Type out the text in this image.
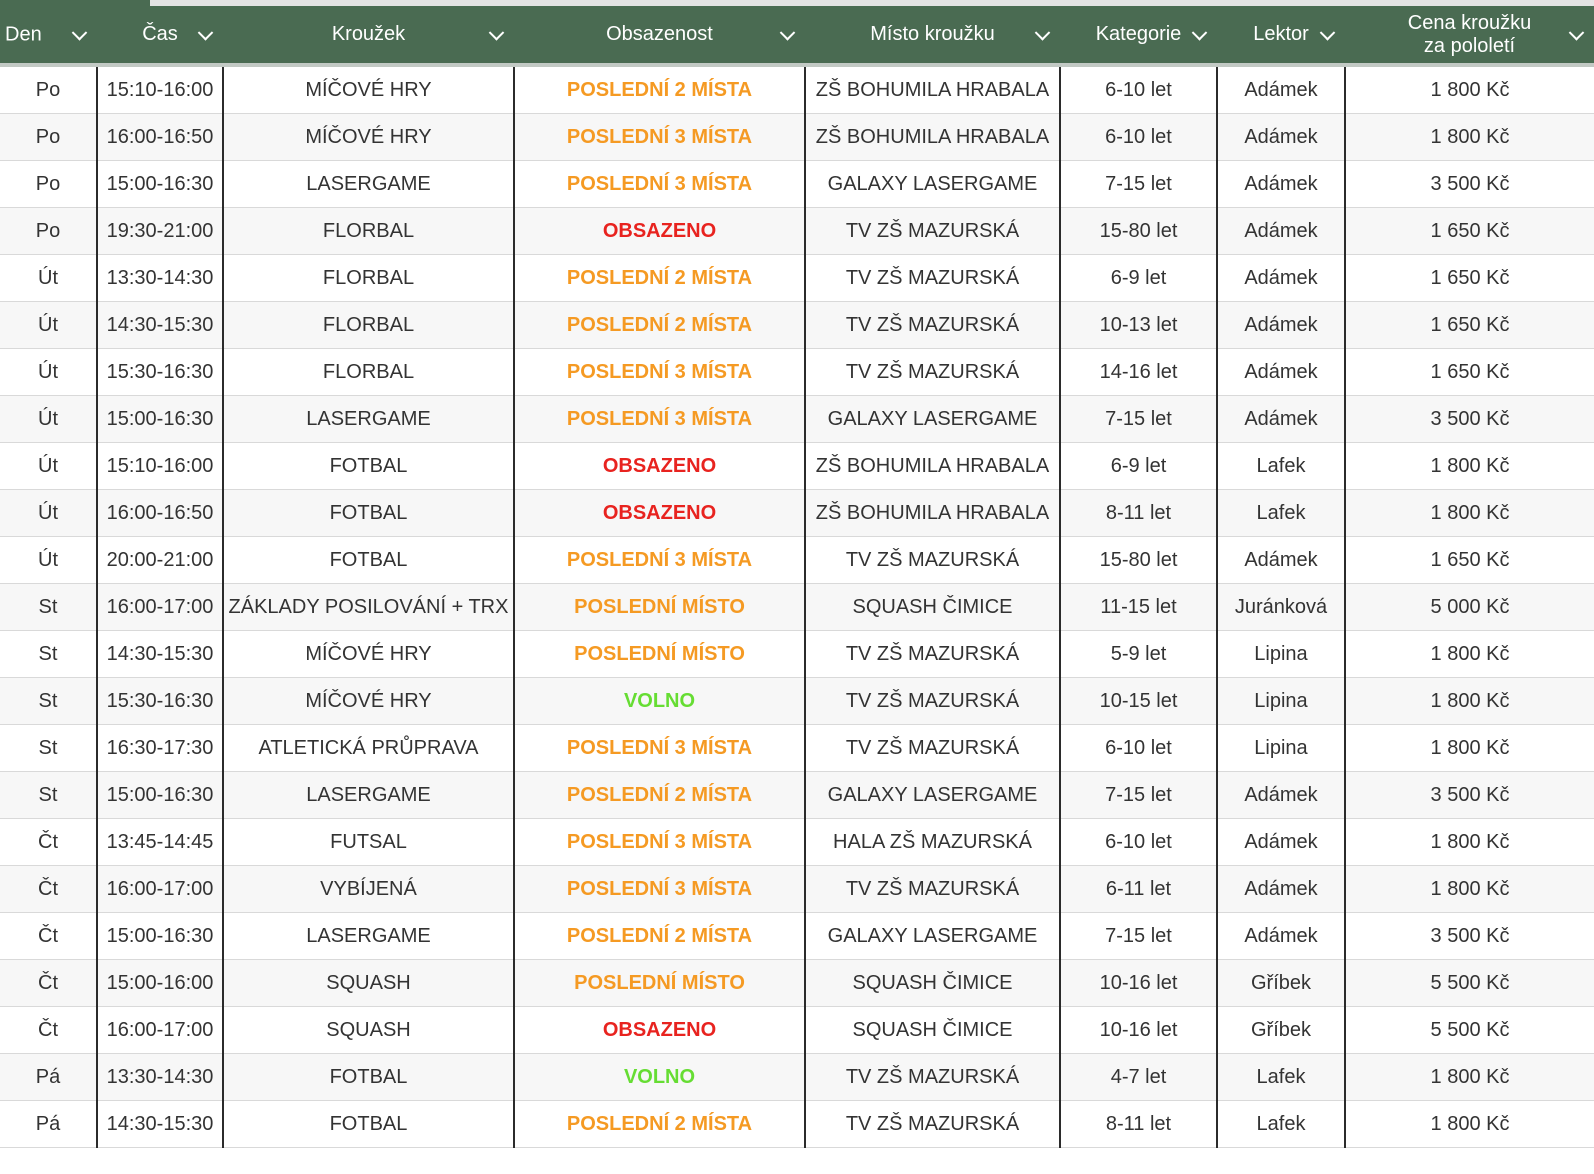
Den	Čas	Kroužek	Obsazenost	Místo kroužku	Kategorie	Lektor	Cena kroužku za pololetí

Po	15:10-16:00	MÍČOVÉ HRY	POSLEDNÍ 2 MÍSTA	ZŠ BOHUMILA HRABALA	6-10 let	Adámek	1 800 Kč
Po	16:00-16:50	MÍČOVÉ HRY	POSLEDNÍ 3 MÍSTA	ZŠ BOHUMILA HRABALA	6-10 let	Adámek	1 800 Kč
Po	15:00-16:30	LASERGAME	POSLEDNÍ 3 MÍSTA	GALAXY LASERGAME	7-15 let	Adámek	3 500 Kč
Po	19:30-21:00	FLORBAL	OBSAZENO	TV ZŠ MAZURSKÁ	15-80 let	Adámek	1 650 Kč
Út	13:30-14:30	FLORBAL	POSLEDNÍ 2 MÍSTA	TV ZŠ MAZURSKÁ	6-9 let	Adámek	1 650 Kč
Út	14:30-15:30	FLORBAL	POSLEDNÍ 2 MÍSTA	TV ZŠ MAZURSKÁ	10-13 let	Adámek	1 650 Kč
Út	15:30-16:30	FLORBAL	POSLEDNÍ 3 MÍSTA	TV ZŠ MAZURSKÁ	14-16 let	Adámek	1 650 Kč
Út	15:00-16:30	LASERGAME	POSLEDNÍ 3 MÍSTA	GALAXY LASERGAME	7-15 let	Adámek	3 500 Kč
Út	15:10-16:00	FOTBAL	OBSAZENO	ZŠ BOHUMILA HRABALA	6-9 let	Lafek	1 800 Kč
Út	16:00-16:50	FOTBAL	OBSAZENO	ZŠ BOHUMILA HRABALA	8-11 let	Lafek	1 800 Kč
Út	20:00-21:00	FOTBAL	POSLEDNÍ 3 MÍSTA	TV ZŠ MAZURSKÁ	15-80 let	Adámek	1 650 Kč
St	16:00-17:00	ZÁKLADY POSILOVÁNÍ + TRX	POSLEDNÍ MÍSTO	SQUASH ČIMICE	11-15 let	Juránková	5 000 Kč
St	14:30-15:30	MÍČOVÉ HRY	POSLEDNÍ MÍSTO	TV ZŠ MAZURSKÁ	5-9 let	Lipina	1 800 Kč
St	15:30-16:30	MÍČOVÉ HRY	VOLNO	TV ZŠ MAZURSKÁ	10-15 let	Lipina	1 800 Kč
St	16:30-17:30	ATLETICKÁ PRŮPRAVA	POSLEDNÍ 3 MÍSTA	TV ZŠ MAZURSKÁ	6-10 let	Lipina	1 800 Kč
St	15:00-16:30	LASERGAME	POSLEDNÍ 2 MÍSTA	GALAXY LASERGAME	7-15 let	Adámek	3 500 Kč
Čt	13:45-14:45	FUTSAL	POSLEDNÍ 3 MÍSTA	HALA ZŠ MAZURSKÁ	6-10 let	Adámek	1 800 Kč
Čt	16:00-17:00	VYBÍJENÁ	POSLEDNÍ 3 MÍSTA	TV ZŠ MAZURSKÁ	6-11 let	Adámek	1 800 Kč
Čt	15:00-16:30	LASERGAME	POSLEDNÍ 2 MÍSTA	GALAXY LASERGAME	7-15 let	Adámek	3 500 Kč
Čt	15:00-16:00	SQUASH	POSLEDNÍ MÍSTO	SQUASH ČIMICE	10-16 let	Gříbek	5 500 Kč
Čt	16:00-17:00	SQUASH	OBSAZENO	SQUASH ČIMICE	10-16 let	Gříbek	5 500 Kč
Pá	13:30-14:30	FOTBAL	VOLNO	TV ZŠ MAZURSKÁ	4-7 let	Lafek	1 800 Kč
Pá	14:30-15:30	FOTBAL	POSLEDNÍ 2 MÍSTA	TV ZŠ MAZURSKÁ	8-11 let	Lafek	1 800 Kč
